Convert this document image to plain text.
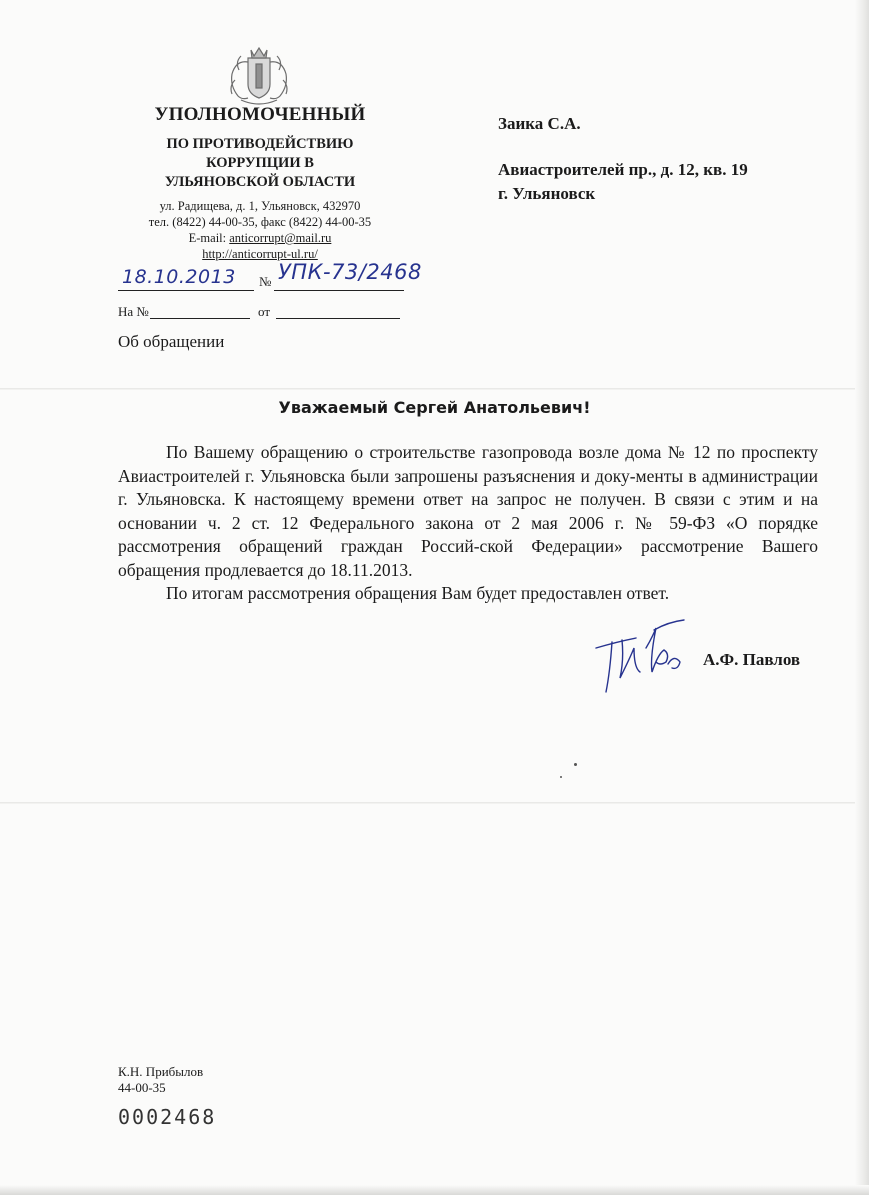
УПОЛНОМОЧЕННЫЙ
ПО ПРОТИВОДЕЙСТВИЮ
КОРРУПЦИИ В
УЛЬЯНОВСКОЙ ОБЛАСТИ
ул. Радищева, д. 1, Ульяновск, 432970
тел. (8422) 44-00-35, факс (8422) 44-00-35
E-mail: anticorrupt@mail.ru
http://anticorrupt-ul.ru/
18.10.2013 № УПК-73/2468
На №	от
Об обращении
Заика С.А.
Авиастроителей пр., д. 12, кв. 19
г. Ульяновск
Уважаемый Сергей Анатольевич!

По Вашему обращению о строительстве газопровода возле дома № 12 по проспекту Авиастроителей г. Ульяновска были запрошены разъяснения и доку-менты в администрации г. Ульяновска. К настоящему времени ответ на запрос не получен. В связи с этим и на основании ч. 2 ст. 12 Федерального закона от 2 мая 2006 г. № 59-ФЗ «О порядке рассмотрения обращений граждан Россий-ской Федерации» рассмотрение Вашего обращения продлевается до 18.11.2013.

По итогам рассмотрения обращения Вам будет предоставлен ответ.

А.Ф. Павлов
К.Н. Прибылов
44-00-35
0002468
